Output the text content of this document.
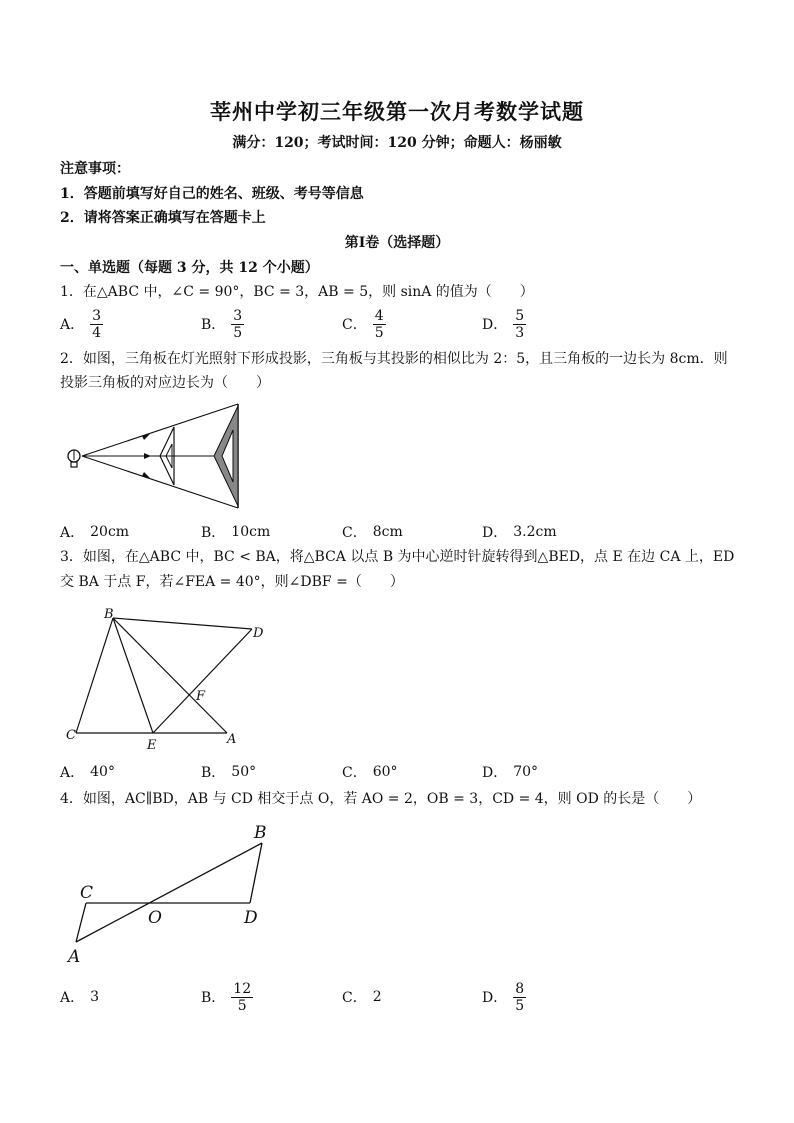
莘州中学初三年级第一次月考数学试题
满分：120；考试时间：120 分钟；命题人：杨丽敏
注意事项：
1．答题前填写好自己的姓名、班级、考号等信息
2．请将答案正确填写在答题卡上
第Ⅰ卷（选择题）
一、单选题（每题 3 分，共 12 个小题）
1．在△ABC 中，∠C = 90°，BC = 3，AB = 5，则 sinA 的值为（　　）
A． $\frac{3}{4}$	B． $\frac{3}{5}$	C． $\frac{4}{5}$	D． $\frac{5}{3}$
2．如图，三角板在灯光照射下形成投影，三角板与其投影的相似比为 2：5，且三角板的一边长为 8cm．则
投影三角板的对应边长为（　　）
A． 20cm	B． 10cm	C． 8cm	D． 3.2cm
3．如图，在△ABC 中，BC < BA，将△BCA 以点 B 为中心逆时针旋转得到△BED，点 E 在边 CA 上，ED
交 BA 于点 F，若∠FEA = 40°，则∠DBF =（　　）
B
D
F
C
E	A
A． 40°	B． 50°	C． 60°	D． 70°
4．如图，AC∥BD，AB 与 CD 相交于点 O，若 AO = 2，OB = 3，CD = 4，则 OD 的长是（　　）
B
C
O	D
A
A． 3	B． $\frac{12}{5}$	C． 2	D． $\frac{8}{5}$
